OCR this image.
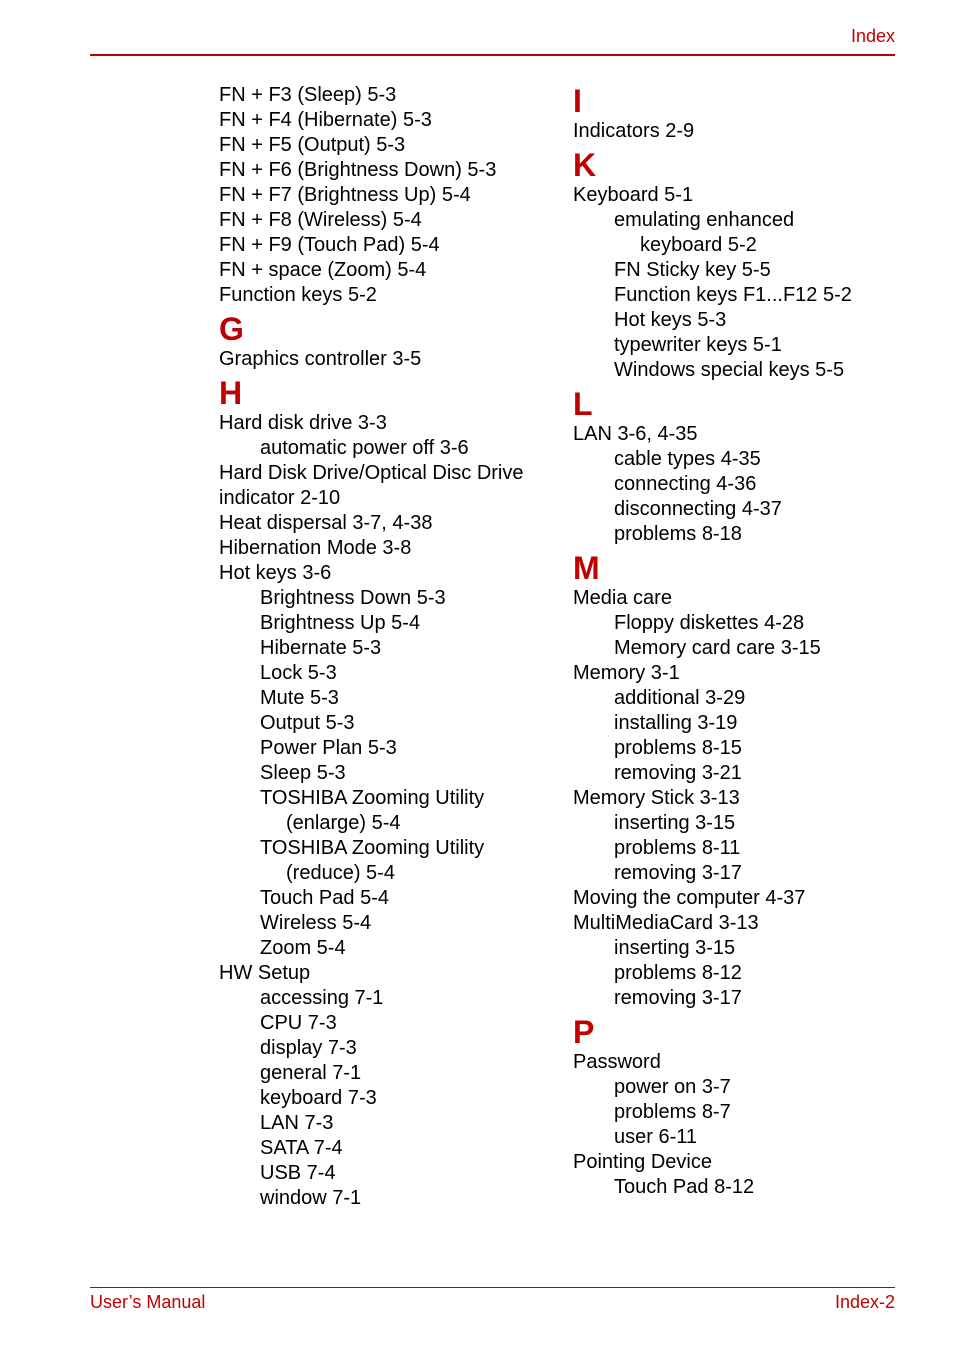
Index
FN + F3 (Sleep) 5-3
FN + F4 (Hibernate) 5-3
FN + F5 (Output) 5-3
FN + F6 (Brightness Down) 5-3
FN + F7 (Brightness Up) 5-4
FN + F8 (Wireless) 5-4
FN + F9 (Touch Pad) 5-4
FN + space (Zoom) 5-4
Function keys 5-2
G
Graphics controller 3-5
H
Hard disk drive 3-3
automatic power off 3-6
Hard Disk Drive/Optical Disc Drive
indicator 2-10
Heat dispersal 3-7, 4-38
Hibernation Mode 3-8
Hot keys 3-6
Brightness Down 5-3
Brightness Up 5-4
Hibernate 5-3
Lock 5-3
Mute 5-3
Output 5-3
Power Plan 5-3
Sleep 5-3
TOSHIBA Zooming Utility
(enlarge) 5-4
TOSHIBA Zooming Utility
(reduce) 5-4
Touch Pad 5-4
Wireless 5-4
Zoom 5-4
HW Setup
accessing 7-1
CPU 7-3
display 7-3
general 7-1
keyboard 7-3
LAN 7-3
SATA 7-4
USB 7-4
window 7-1
I
Indicators 2-9
K
Keyboard 5-1
emulating enhanced
keyboard 5-2
FN Sticky key 5-5
Function keys F1...F12 5-2
Hot keys 5-3
typewriter keys 5-1
Windows special keys 5-5
L
LAN 3-6, 4-35
cable types 4-35
connecting 4-36
disconnecting 4-37
problems 8-18
M
Media care
Floppy diskettes 4-28
Memory card care 3-15
Memory 3-1
additional 3-29
installing 3-19
problems 8-15
removing 3-21
Memory Stick 3-13
inserting 3-15
problems 8-11
removing 3-17
Moving the computer 4-37
MultiMediaCard 3-13
inserting 3-15
problems 8-12
removing 3-17
P
Password
power on 3-7
problems 8-7
user 6-11
Pointing Device
Touch Pad 8-12
User’s Manual	Index-2
